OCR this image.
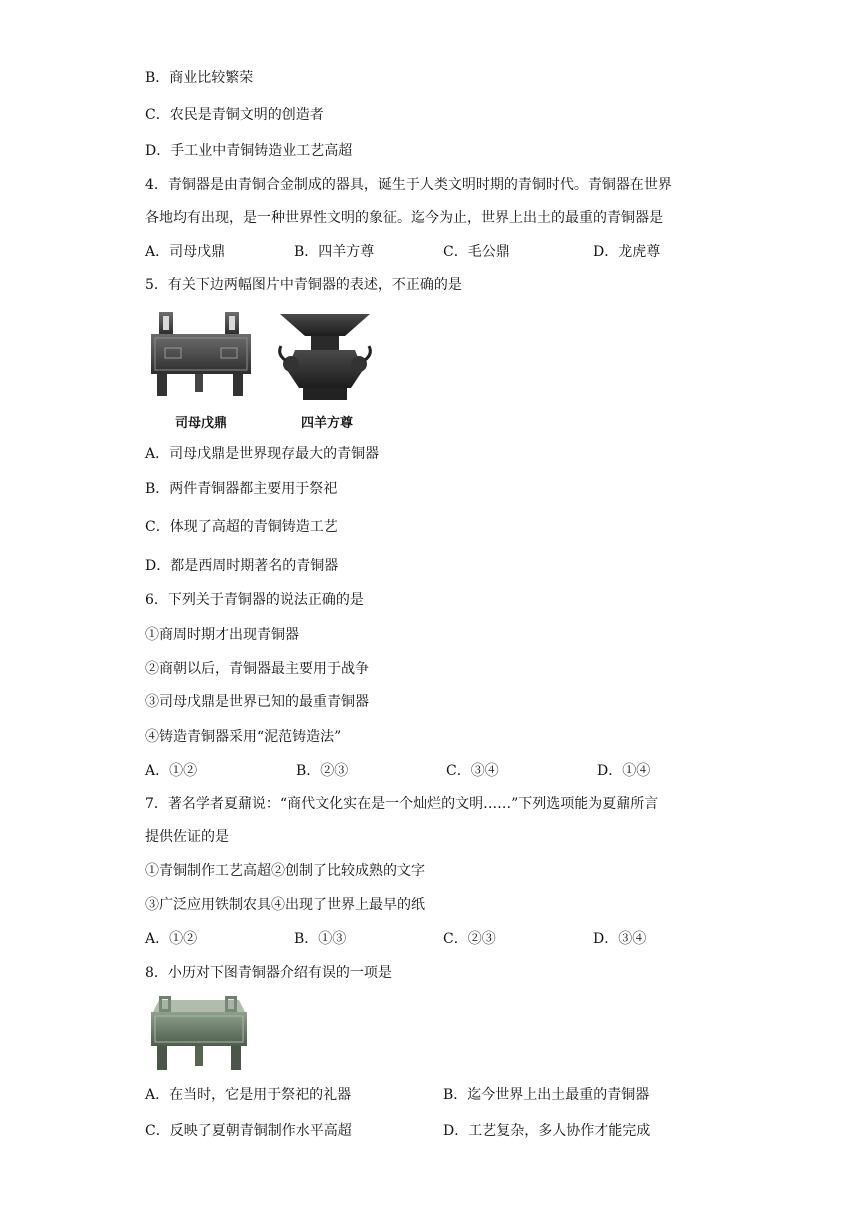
B．商业比较繁荣
C．农民是青铜文明的创造者
D．手工业中青铜铸造业工艺高超
4．青铜器是由青铜合金制成的器具，诞生于人类文明时期的青铜时代。青铜器在世界
各地均有出现，是一种世界性文明的象征。迄今为止，世界上出土的最重的青铜器是
A．司母戊鼎	B．四羊方尊	C．毛公鼎	D．龙虎尊
5．有关下边两幅图片中青铜器的表述，不正确的是
司母戊鼎	四羊方尊
A．司母戊鼎是世界现存最大的青铜器
B．两件青铜器都主要用于祭祀
C．体现了高超的青铜铸造工艺
D．都是西周时期著名的青铜器
6．下列关于青铜器的说法正确的是
①商周时期才出现青铜器
②商朝以后，青铜器最主要用于战争
③司母戊鼎是世界已知的最重青铜器
④铸造青铜器采用“泥范铸造法”
A．①②	B．②③	C．③④	D．①④
7．著名学者夏鼐说：“商代文化实在是一个灿烂的文明……”下列选项能为夏鼐所言
提供佐证的是
①青铜制作工艺高超②创制了比较成熟的文字
③广泛应用铁制农具④出现了世界上最早的纸
A．①②	B．①③	C．②③	D．③④
8．小历对下图青铜器介绍有误的一项是
A．在当时，它是用于祭祀的礼器	B．迄今世界上出土最重的青铜器
C．反映了夏朝青铜制作水平高超	D．工艺复杂，多人协作才能完成
